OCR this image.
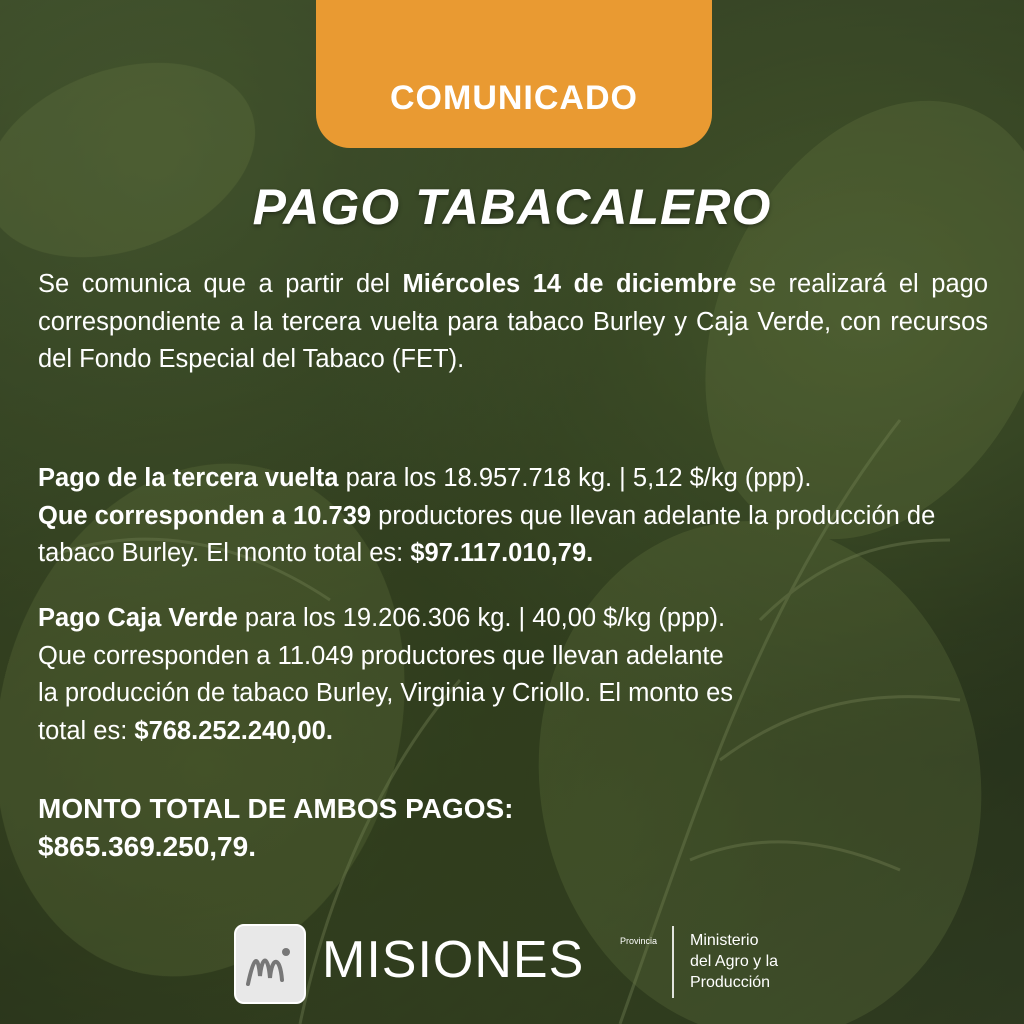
COMUNICADO
PAGO TABACALERO
Se comunica que a partir del Miércoles 14 de diciembre se realizará el pago correspondiente a la tercera vuelta para tabaco Burley y Caja Verde, con recursos del Fondo Especial del Tabaco (FET).
Pago de la tercera vuelta para los 18.957.718 kg. | 5,12 $/kg (ppp).
Que corresponden a 10.739 productores que llevan adelante la producción de tabaco Burley. El monto total es: $97.117.010,79.
Pago Caja Verde para los 19.206.306 kg. | 40,00 $/kg (ppp).
Que corresponden a 11.049 productores que llevan adelante
la producción de tabaco Burley, Virginia y Criollo. El monto es
total es: $768.252.240,00.
MONTO TOTAL DE AMBOS PAGOS:
$865.369.250,79.
MISIONES	Provincia Ministerio
del Agro y la
Producción
